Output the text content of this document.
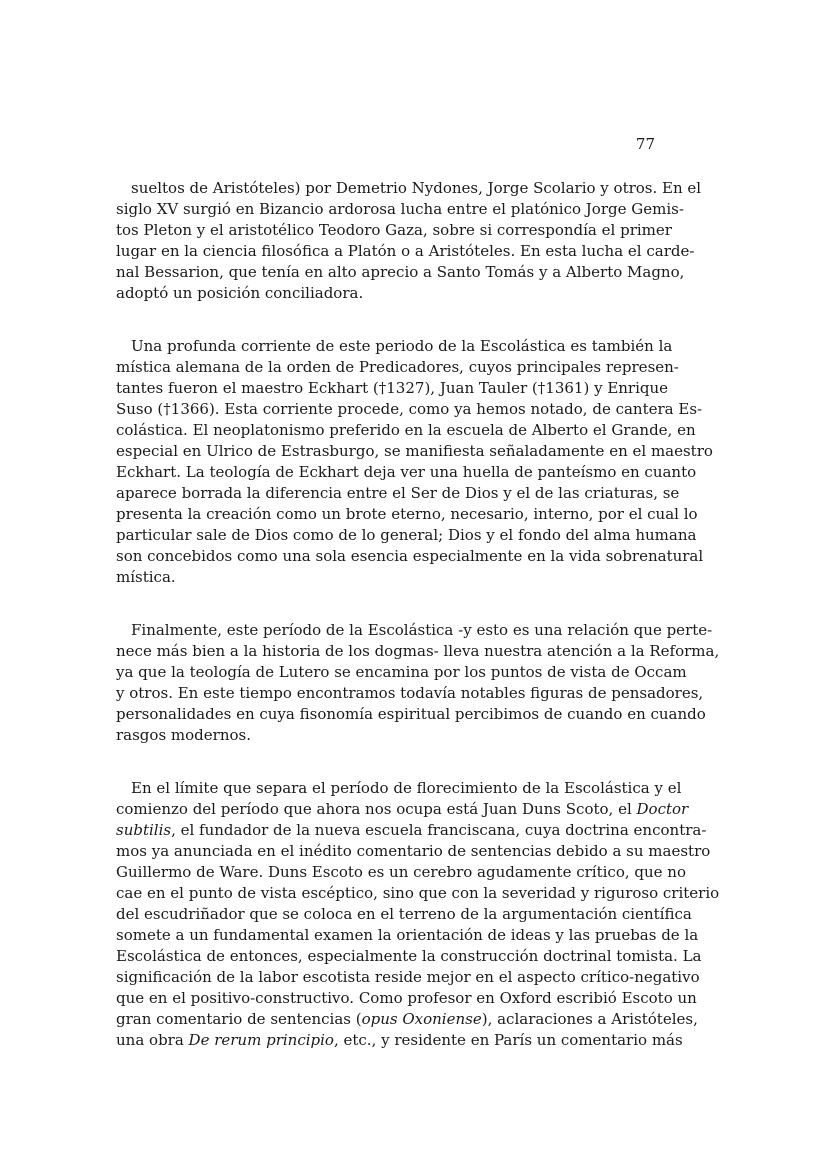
77
sueltos de Aristóteles) por Demetrio Nydones, Jorge Scolario y otros. En el
siglo XV surgió en Bizancio ardorosa lucha entre el platónico Jorge Gemis-
tos Pleton y el aristotélico Teodoro Gaza, sobre si correspondía el primer
lugar en la ciencia filosófica a Platón o a Aristóteles. En esta lucha el carde-
nal Bessarion, que tenía en alto aprecio a Santo Tomás y a Alberto Magno,
adoptó un posición conciliadora.
Una profunda corriente de este periodo de la Escolástica es también la
mística alemana de la orden de Predicadores, cuyos principales represen-
tantes fueron el maestro Eckhart (†1327), Juan Tauler (†1361) y Enrique
Suso (†1366). Esta corriente procede, como ya hemos notado, de cantera Es-
colástica. El neoplatonismo preferido en la escuela de Alberto el Grande, en
especial en Ulrico de Estrasburgo, se manifiesta señaladamente en el maestro
Eckhart. La teología de Eckhart deja ver una huella de panteísmo en cuanto
aparece borrada la diferencia entre el Ser de Dios y el de las criaturas, se
presenta la creación como un brote eterno, necesario, interno, por el cual lo
particular sale de Dios como de lo general; Dios y el fondo del alma humana
son concebidos como una sola esencia especialmente en la vida sobrenatural
mística.
Finalmente, este período de la Escolástica -y esto es una relación que perte-
nece más bien a la historia de los dogmas- lleva nuestra atención a la Reforma,
ya que la teología de Lutero se encamina por los puntos de vista de Occam
y otros. En este tiempo encontramos todavía notables figuras de pensadores,
personalidades en cuya fisonomía espiritual percibimos de cuando en cuando
rasgos modernos.
En el límite que separa el período de florecimiento de la Escolástica y el
comienzo del período que ahora nos ocupa está Juan Duns Scoto, el Doctor
subtilis, el fundador de la nueva escuela franciscana, cuya doctrina encontra-
mos ya anunciada en el inédito comentario de sentencias debido a su maestro
Guillermo de Ware. Duns Escoto es un cerebro agudamente crítico, que no
cae en el punto de vista escéptico, sino que con la severidad y riguroso criterio
del escudriñador que se coloca en el terreno de la argumentación científica
somete a un fundamental examen la orientación de ideas y las pruebas de la
Escolástica de entonces, especialmente la construcción doctrinal tomista. La
significación de la labor escotista reside mejor en el aspecto crítico-negativo
que en el positivo-constructivo. Como profesor en Oxford escribió Escoto un
gran comentario de sentencias (opus Oxoniense), aclaraciones a Aristóteles,
una obra De rerum principio, etc., y residente en París un comentario más
